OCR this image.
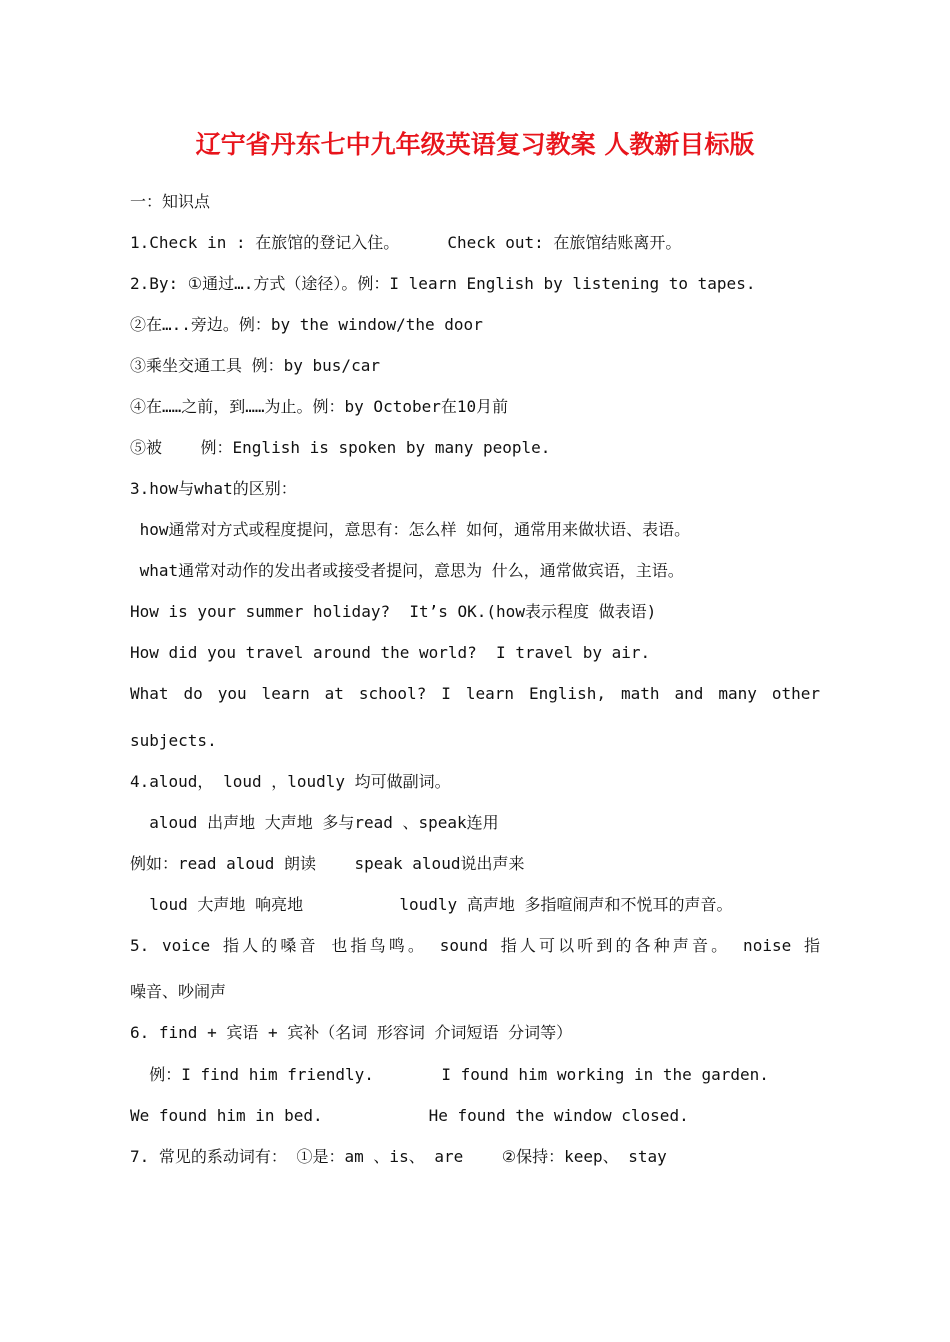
辽宁省丹东七中九年级英语复习教案 人教新目标版
一：知识点
1.Check in : 在旅馆的登记入住。     Check out: 在旅馆结账离开。
2.By: ①通过….方式（途径）。例：I learn English by listening to tapes.
②在…..旁边。例：by the window/the door
③乘坐交通工具 例：by bus/car
④在……之前，到……为止。例：by October在10月前
⑤被    例：English is spoken by many people.
3.how与what的区别：
how通常对方式或程度提问，意思有：怎么样 如何，通常用来做状语、表语。
what通常对动作的发出者或接受者提问，意思为 什么，通常做宾语，主语。
How is your summer holiday?  It’s OK.(how表示程度 做表语)
How did you travel around the world?  I travel by air.
What do you learn at school? I learn English, math and many other
subjects.
4.aloud， loud ，loudly 均可做副词。
aloud 出声地 大声地 多与read 、speak连用
例如：read aloud 朗读    speak aloud说出声来
loud 大声地 响亮地          loudly 高声地 多指喧闹声和不悦耳的声音。
5. voice 指人的嗓音 也指鸟鸣。 sound 指人可以听到的各种声音。 noise 指
噪音、吵闹声
6. find + 宾语 + 宾补（名词 形容词 介词短语 分词等）
例：I find him friendly.       I found him working in the garden.
We found him in bed.           He found the window closed.
7. 常见的系动词有： ①是：am 、is、 are    ②保持：keep、 stay
